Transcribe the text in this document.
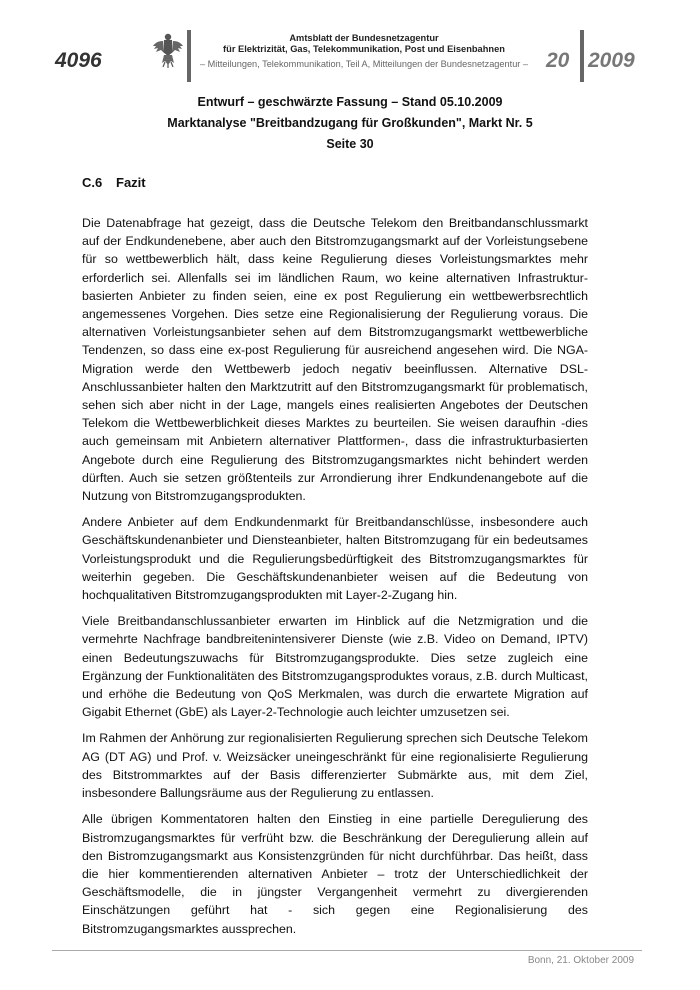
4096
Amtsblatt der Bundesnetzagentur
für Elektrizität, Gas, Telekommunikation, Post und Eisenbahnen
– Mitteilungen, Telekommunikation, Teil A, Mitteilungen der Bundesnetzagentur – 20 2009
Entwurf – geschwärzte Fassung – Stand 05.10.2009
Marktanalyse "Breitbandzugang für Großkunden", Markt Nr. 5
Seite 30
C.6 Fazit

Die Datenabfrage hat gezeigt, dass die Deutsche Telekom den Breitbandanschlussmarkt auf der Endkundenebene, aber auch den Bitstromzugangsmarkt auf der Vorleistungsebene für so wettbewerblich hält, dass keine Regulierung dieses Vorleistungsmarktes mehr erforderlich sei. Allenfalls sei im ländlichen Raum, wo keine alternativen Infrastruktur-basierten Anbieter zu finden seien, eine ex post Regulierung ein wettbewerbsrechtlich angemessenes Vorgehen. Dies setze eine Regionalisierung der Regulierung voraus. Die alternativen Vorleistungsanbieter sehen auf dem Bitstromzugangsmarkt wettbewerbliche Tendenzen, so dass eine ex-post Regulierung für ausreichend angesehen wird. Die NGA-Migration werde den Wettbewerb jedoch negativ beeinflussen. Alternative DSL-Anschlussanbieter halten den Marktzutritt auf den Bitstromzugangsmarkt für problematisch, sehen sich aber nicht in der Lage, mangels eines realisierten Angebotes der Deutschen Telekom die Wettbewerblichkeit dieses Marktes zu beurteilen. Sie weisen daraufhin -dies auch gemeinsam mit Anbietern alternativer Plattformen-, dass die infrastrukturbasierten Angebote durch eine Regulierung des Bitstromzugangsmarktes nicht behindert werden dürften. Auch sie setzen größtenteils zur Arrondierung ihrer Endkundenangebote auf die Nutzung von Bitstromzugangsprodukten.

Andere Anbieter auf dem Endkundenmarkt für Breitbandanschlüsse, insbesondere auch Geschäftskundenanbieter und Diensteanbieter, halten Bitstromzugang für ein bedeutsames Vorleistungsprodukt und die Regulierungsbedürftigkeit des Bitstromzugangsmarktes für weiterhin gegeben. Die Geschäftskundenanbieter weisen auf die Bedeutung von hochqualitativen Bitstromzugangsprodukten mit Layer-2-Zugang hin.

Viele Breitbandanschlussanbieter erwarten im Hinblick auf die Netzmigration und die vermehrte Nachfrage bandbreitenintensiverer Dienste (wie z.B. Video on Demand, IPTV) einen Bedeutungszuwachs für Bitstromzugangsprodukte. Dies setze zugleich eine Ergänzung der Funktionalitäten des Bitstromzugangsproduktes voraus, z.B. durch Multicast, und erhöhe die Bedeutung von QoS Merkmalen, was durch die erwartete Migration auf Gigabit Ethernet (GbE) als Layer-2-Technologie auch leichter umzusetzen sei.

Im Rahmen der Anhörung zur regionalisierten Regulierung sprechen sich Deutsche Telekom AG (DT AG) und Prof. v. Weizsäcker uneingeschränkt für eine regionalisierte Regulierung des Bitstrommarktes auf der Basis differenzierter Submärkte aus, mit dem Ziel, insbesondere Ballungsräume aus der Regulierung zu entlassen.

Alle übrigen Kommentatoren halten den Einstieg in eine partielle Deregulierung des Bistromzugangsmarktes für verfrüht bzw. die Beschränkung der Deregulierung allein auf den Bistromzugangsmarkt aus Konsistenzgründen für nicht durchführbar. Das heißt, dass die hier kommentierenden alternativen Anbieter – trotz der Unterschiedlichkeit der Geschäftsmodelle, die in jüngster Vergangenheit vermehrt zu divergierenden Einschätzungen geführt hat - sich gegen eine Regionalisierung des Bitstromzugangsmarktes aussprechen.

Bonn, 21. Oktober 2009
